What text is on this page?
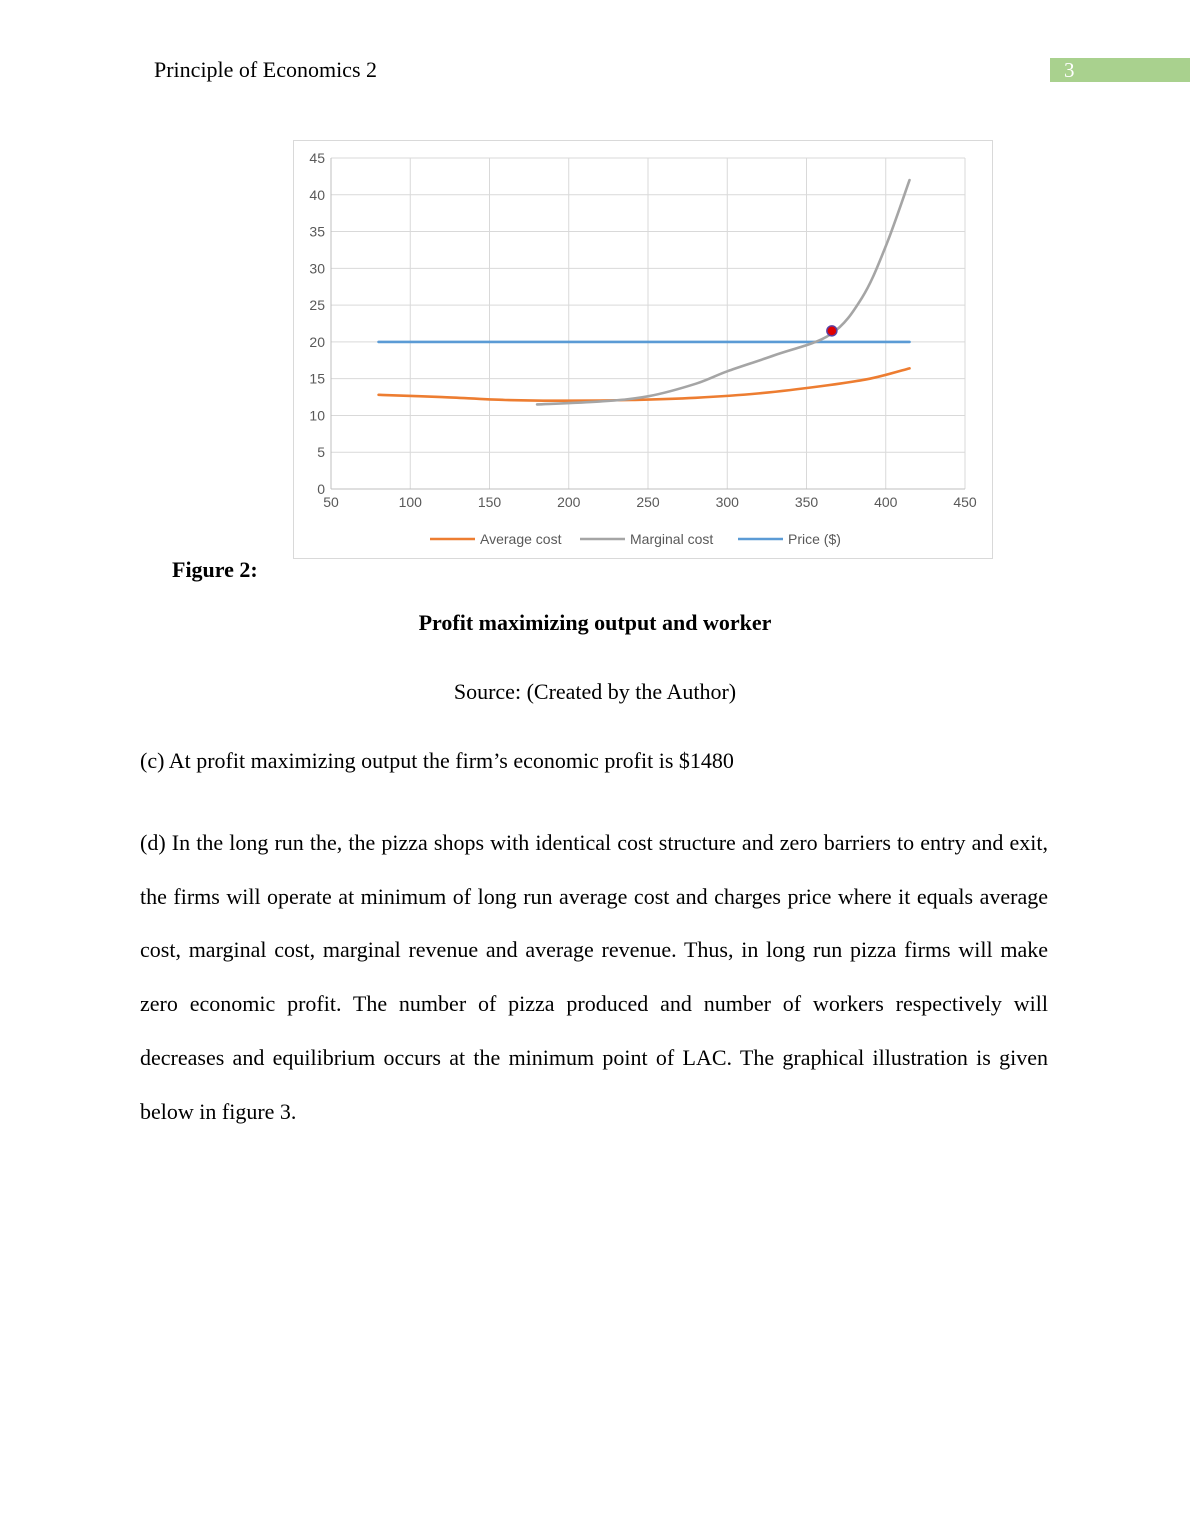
Principle of Economics 2	3
0
5
10
15
20
25
30
35
40
45
50	100	150	200	250	300	350	400	450
Average cost	Marginal cost	Price ($)
Figure 2:
Profit maximizing output and worker
Source: (Created by the Author)
(c) At profit maximizing output the firm’s economic profit is $1480
(d) In the long run the, the pizza shops with identical cost structure and zero barriers to entry and exit, the firms will operate at minimum of long run average cost and charges price where it equals average cost, marginal cost, marginal revenue and average revenue. Thus, in long run pizza firms will make zero economic profit. The number of pizza produced and number of workers respectively will decreases and equilibrium occurs at the minimum point of LAC. The graphical illustration is given below in figure 3.
